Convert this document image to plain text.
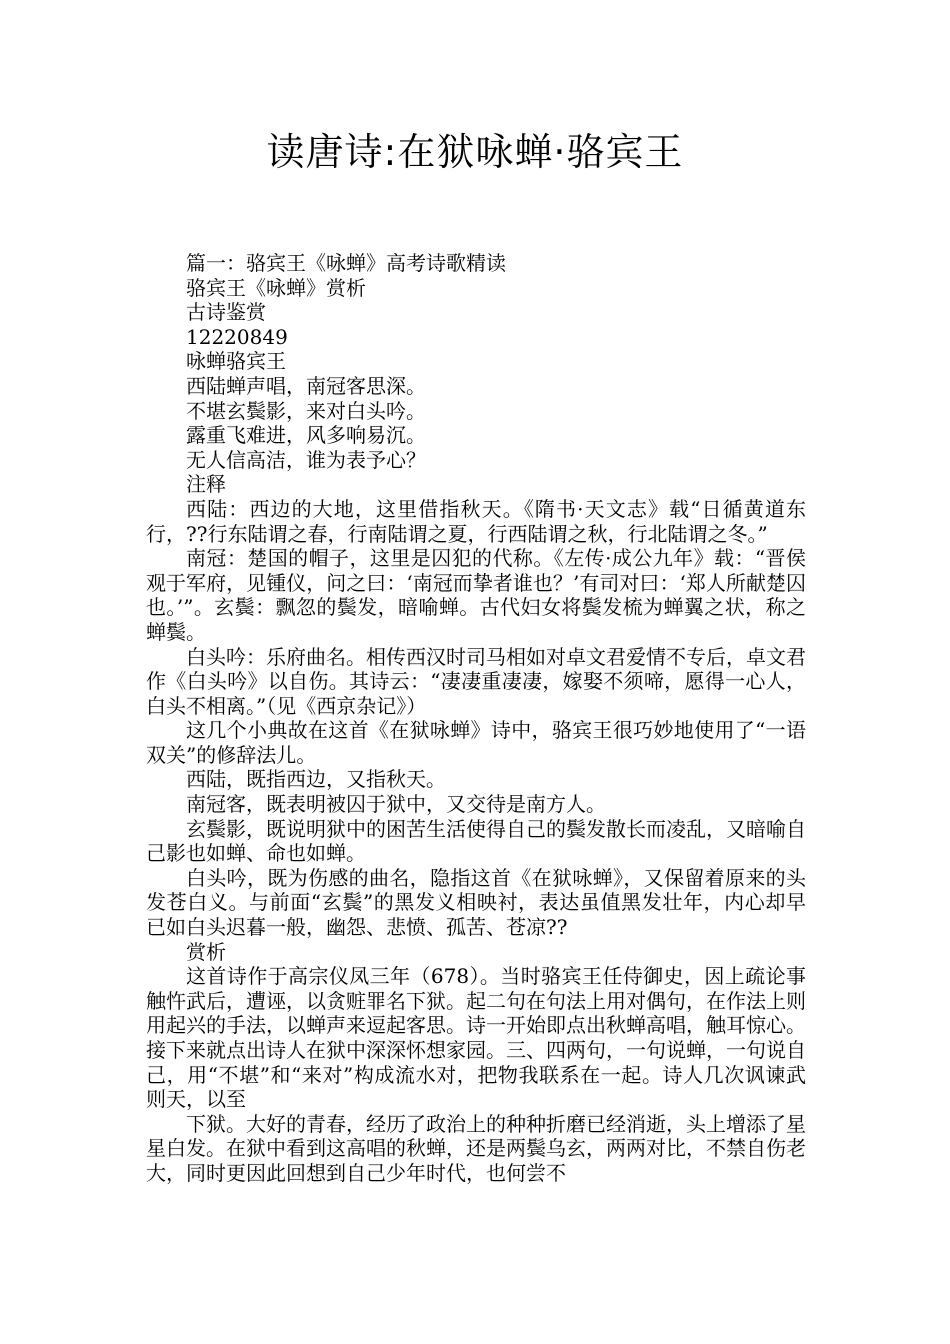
读唐诗:在狱咏蝉·骆宾王

篇一：骆宾王《咏蝉》高考诗歌精读

骆宾王《咏蝉》赏析

古诗鉴赏

12220849

咏蝉骆宾王

西陆蝉声唱，南冠客思深。

不堪玄鬓影，来对白头吟。

露重飞难进，风多响易沉。

无人信高洁，谁为表予心？

注释

西陆：西边的大地，这里借指秋天。《隋书·天文志》载“日循黄道东行，??行东陆谓之春，行南陆谓之夏，行西陆谓之秋，行北陆谓之冬。”

南冠：楚国的帽子，这里是囚犯的代称。《左传·成公九年》载：“晋侯观于军府，见锺仪，问之曰：‘南冠而挚者谁也？’有司对曰：‘郑人所献楚囚也。’”。玄鬓：飘忽的鬓发，暗喻蝉。古代妇女将鬓发梳为蝉翼之状，称之蝉鬓。

白头吟：乐府曲名。相传西汉时司马相如对卓文君爱情不专后，卓文君作《白头吟》以自伤。其诗云：“凄凄重凄凄，嫁娶不须啼，愿得一心人，白头不相离。”（见《西京杂记》）

这几个小典故在这首《在狱咏蝉》诗中，骆宾王很巧妙地使用了“一语双关”的修辞法儿。

西陆，既指西边，又指秋天。

南冠客，既表明被囚于狱中，又交待是南方人。

玄鬓影，既说明狱中的困苦生活使得自己的鬓发散长而凌乱，又暗喻自己影也如蝉、命也如蝉。

白头吟，既为伤感的曲名，隐指这首《在狱咏蝉》，又保留着原来的头发苍白义。与前面“玄鬓”的黑发义相映衬，表达虽值黑发壮年，内心却早已如白头迟暮一般，幽怨、悲愤、孤苦、苍凉??

赏析

这首诗作于高宗仪凤三年（678）。当时骆宾王任侍御史，因上疏论事触忤武后，遭诬，以贪赃罪名下狱。起二句在句法上用对偶句，在作法上则用起兴的手法，以蝉声来逗起客思。诗一开始即点出秋蝉高唱，触耳惊心。接下来就点出诗人在狱中深深怀想家园。三、四两句，一句说蝉，一句说自己，用“不堪”和“来对”构成流水对，把物我联系在一起。诗人几次讽谏武则天，以至

下狱。大好的青春，经历了政治上的种种折磨已经消逝，头上增添了星星白发。在狱中看到这高唱的秋蝉，还是两鬓乌玄，两两对比，不禁自伤老大，同时更因此回想到自己少年时代，也何尝不
